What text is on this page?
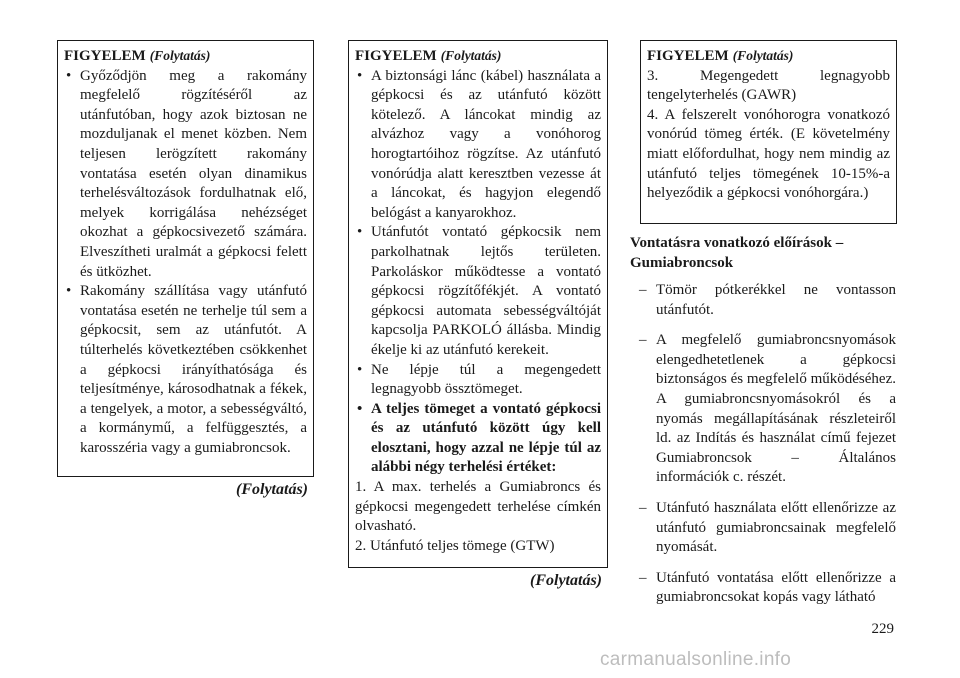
FIGYELEM (Folytatás)

• Győződjön meg a rakomány megfelelő rögzítéséről az utánfutóban, hogy azok biztosan ne mozduljanak el menet közben. Nem teljesen lerögzített rakomány vontatása esetén olyan dinamikus terhelésváltozások fordulhatnak elő, melyek korrigálása nehézséget okozhat a gépkocsivezető számára. Elveszítheti uralmát a gépkocsi felett és ütközhet.
• Rakomány szállítása vagy utánfutó vontatása esetén ne terhelje túl sem a gépkocsit, sem az utánfutót. A túlterhelés következtében csökkenhet a gépkocsi irányíthatósága és teljesítménye, károsodhatnak a fékek, a tengelyek, a motor, a sebességváltó, a kormánymű, a felfüggesztés, a karosszéria vagy a gumiabroncsok.
(Folytatás)

FIGYELEM (Folytatás)

• A biztonsági lánc (kábel) használata a gépkocsi és az utánfutó között kötelező. A láncokat mindig az alvázhoz vagy a vonóhorog horogtartóihoz rögzítse. Az utánfutó vonórúdja alatt keresztben vezesse át a láncokat, és hagyjon elegendő belógást a kanyarokhoz.
• Utánfutót vontató gépkocsik nem parkolhatnak lejtős területen. Parkoláskor működtesse a vontató gépkocsi rögzítőfékjét. A vontató gépkocsi automata sebességváltóját kapcsolja PARKOLÓ állásba. Mindig ékelje ki az utánfutó kerekeit.
• Ne lépje túl a megengedett legnagyobb össztömeget.
• A teljes tömeget a vontató gépkocsi és az utánfutó között úgy kell elosztani, hogy azzal ne lépje túl az alábbi négy terhelési értéket:

1. A max. terhelés a Gumiabroncs és gépkocsi megengedett terhelése címkén olvasható.

2. Utánfutó teljes tömege (GTW)

(Folytatás)

FIGYELEM (Folytatás)

3. Megengedett legnagyobb tengelyterhelés (GAWR)

4. A felszerelt vonóhorogra vonatkozó vonórúd tömeg érték. (E követelmény miatt előfordulhat, hogy nem mindig az utánfutó teljes tömegének 10-15%-a helyeződik a gépkocsi vonóhorgára.)

Vontatásra vonatkozó előírások – Gumiabroncsok
– Tömör pótkerékkel ne vontasson utánfutót.
– A megfelelő gumiabroncsnyomások elengedhetetlenek a gépkocsi biztonságos és megfelelő működéséhez. A gumiabroncsnyomásokról és a nyomás megállapításának részleteiről ld. az Indítás és használat című fejezet Gumiabroncsok – Általános információk c. részét.
– Utánfutó használata előtt ellenőrizze az utánfutó gumiabroncsainak megfelelő nyomását.
– Utánfutó vontatása előtt ellenőrizze a gumiabroncsokat kopás vagy látható
229
carmanualsonline.info
